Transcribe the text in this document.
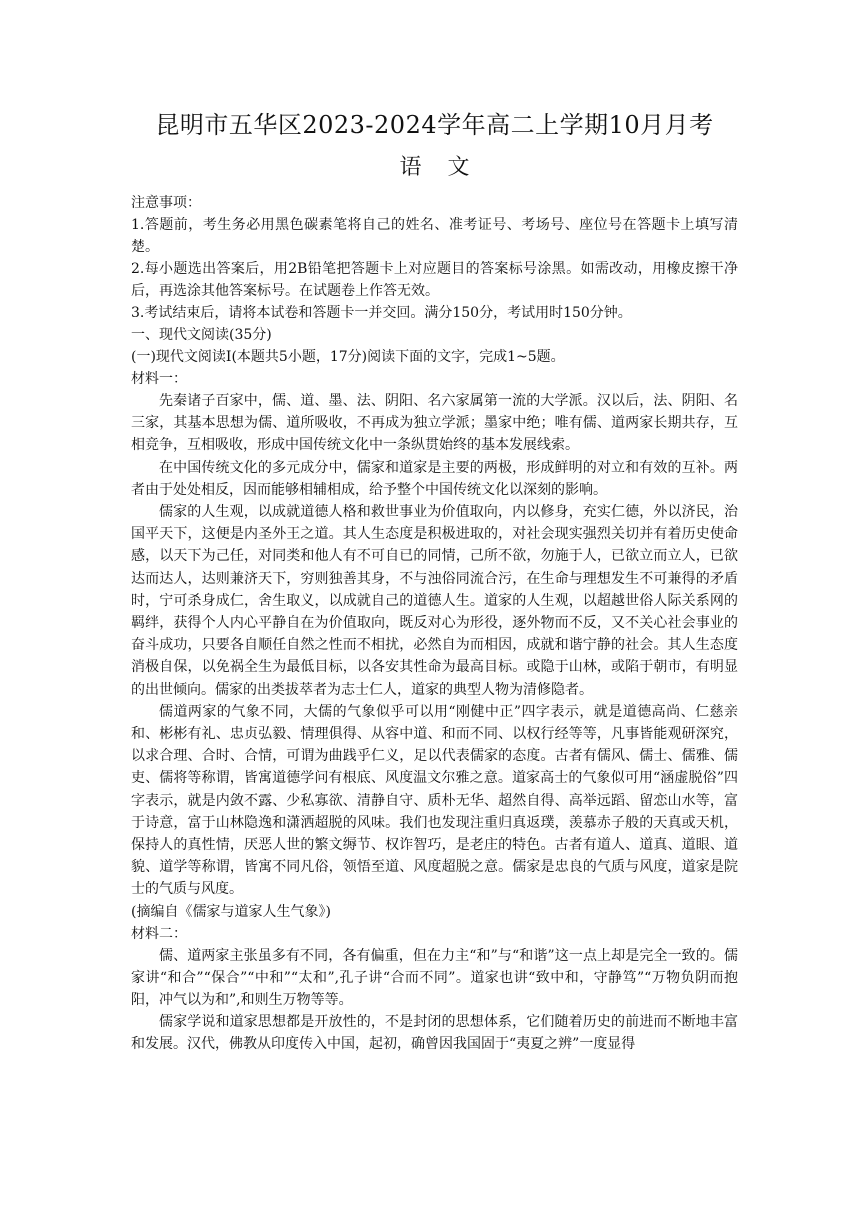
昆明市五华区2023-2024学年高二上学期10月月考
语 文

注意事项：

1.答题前，考生务必用黑色碳素笔将自己的姓名、准考证号、考场号、座位号在答题卡上填写清楚。

2.每小题选出答案后，用2B铅笔把答题卡上对应题目的答案标号涂黑。如需改动，用橡皮擦干净后，再选涂其他答案标号。在试题卷上作答无效。

3.考试结束后，请将本试卷和答题卡一并交回。满分150分，考试用时150分钟。

一、现代文阅读(35分)

(一)现代文阅读I(本题共5小题，17分)阅读下面的文字，完成1~5题。

材料一：

先秦诸子百家中，儒、道、墨、法、阴阳、名六家属第一流的大学派。汉以后，法、阴阳、名三家，其基本思想为儒、道所吸收，不再成为独立学派；墨家中绝；唯有儒、道两家长期共存，互相竞争，互相吸收，形成中国传统文化中一条纵贯始终的基本发展线索。

在中国传统文化的多元成分中，儒家和道家是主要的两极，形成鲜明的对立和有效的互补。两者由于处处相反，因而能够相辅相成，给予整个中国传统文化以深刻的影响。

儒家的人生观，以成就道德人格和救世事业为价值取向，内以修身，充实仁德，外以济民，治国平天下，这便是内圣外王之道。其人生态度是积极进取的，对社会现实强烈关切并有着历史使命感，以天下为己任，对同类和他人有不可自已的同情，己所不欲，勿施于人，已欲立而立人，已欲达而达人，达则兼济天下，穷则独善其身，不与浊俗同流合污，在生命与理想发生不可兼得的矛盾时，宁可杀身成仁，舍生取义，以成就自己的道德人生。道家的人生观，以超越世俗人际关系网的羁绊，获得个人内心平静自在为价值取向，既反对心为形役，逐外物而不反，又不关心社会事业的奋斗成功，只要各自顺任自然之性而不相扰，必然自为而相因，成就和谐宁静的社会。其人生态度消极自保，以免祸全生为最低目标，以各安其性命为最高目标。或隐于山林，或陷于朝市，有明显的出世倾向。儒家的出类拔萃者为志士仁人，道家的典型人物为清修隐者。

儒道两家的气象不同，大儒的气象似乎可以用“刚健中正”四字表示，就是道德高尚、仁慈亲和、彬彬有礼、忠贞弘毅、情理俱得、从容中道、和而不同、以权行经等等，凡事皆能观研深究，以求合理、合时、合情，可谓为曲践乎仁义，足以代表儒家的态度。古者有儒风、儒士、儒雅、儒吏、儒将等称谓，皆寓道德学问有根底、风度温文尔雅之意。道家高士的气象似可用“涵虚脱俗”四字表示，就是内敛不露、少私寡欲、清静自守、质朴无华、超然自得、高举远蹈、留恋山水等，富于诗意，富于山林隐逸和潇洒超脱的风味。我们也发现注重归真返璞，羡慕赤子般的天真或天机，保持人的真性情，厌恶人世的繁文缛节、权诈智巧，是老庄的特色。古者有道人、道真、道眼、道貌、道学等称谓，皆寓不同凡俗，领悟至道、风度超脱之意。儒家是忠良的气质与风度，道家是院士的气质与风度。

(摘编自《儒家与道家人生气象》)

材料二：

儒、道两家主张虽多有不同，各有偏重，但在力主“和”与“和谐”这一点上却是完全一致的。儒家讲“和合”“保合”“中和”“太和”,孔子讲“合而不同”。道家也讲“致中和，守静笃”“万物负阴而抱阳，冲气以为和”,和则生万物等等。

儒家学说和道家思想都是开放性的，不是封闭的思想体系，它们随着历史的前进而不断地丰富和发展。汉代，佛教从印度传入中国，起初，确曾因我国固于“夷夏之辨”一度显得
